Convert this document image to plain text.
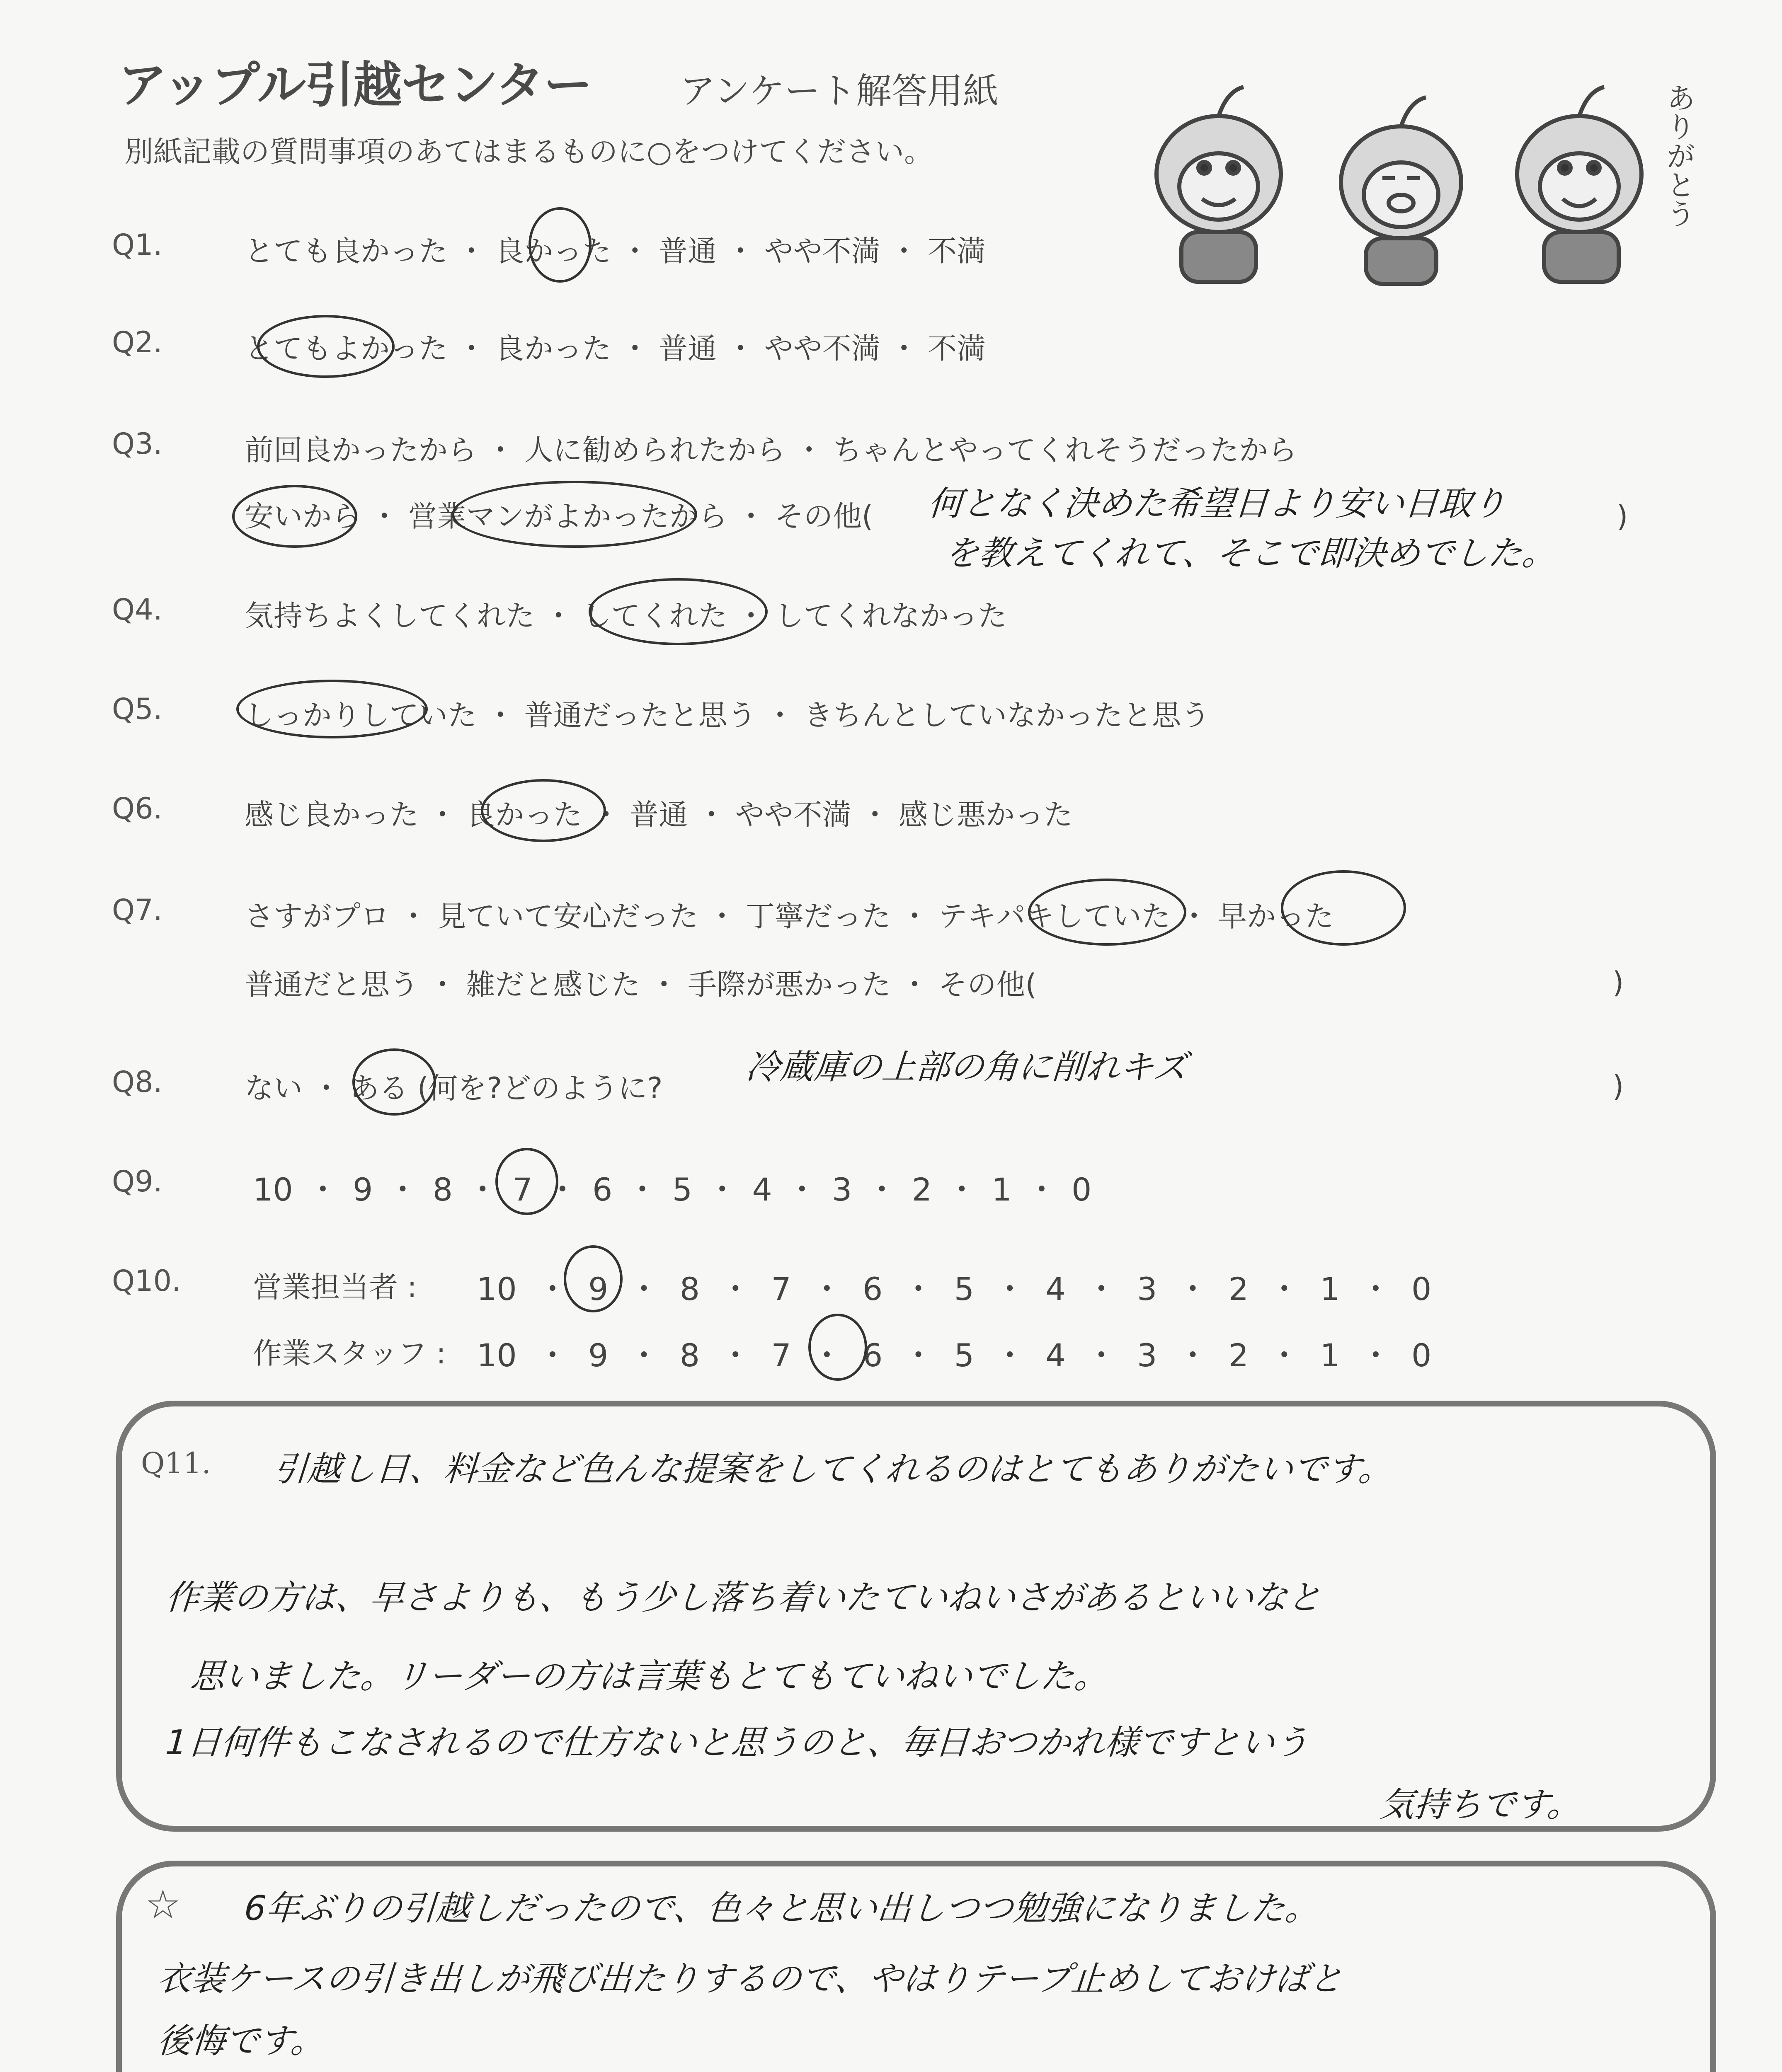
アップル引越センター アンケート解答用紙
別紙記載の質問事項のあてはまるものに○をつけてください。	ありがとう
Q1.	とても良かった ・ 良かった ・ 普通 ・ やや不満 ・ 不満
Q2.	とてもよかった ・ 良かった ・ 普通 ・ やや不満 ・ 不満
Q3.	前回良かったから ・ 人に勧められたから ・ ちゃんとやってくれそうだったから
安いから ・ 営業マンがよかったから ・ その他(	)
何となく決めた希望日より安い日取り
を教えてくれて、そこで即決めでした。
Q4.	気持ちよくしてくれた ・ してくれた ・ してくれなかった
Q5.	しっかりしていた ・ 普通だったと思う ・ きちんとしていなかったと思う
Q6.	感じ良かった ・ 良かった ・ 普通 ・ やや不満 ・ 感じ悪かった
Q7.	さすがプロ ・ 見ていて安心だった ・ 丁寧だった ・ テキパキしていた ・ 早かった
普通だと思う ・ 雑だと感じた ・ 手際が悪かった ・ その他(	)
Q8.	ない ・ ある (何を?どのように?	)
冷蔵庫の上部の角に削れキズ
Q9.	10 ・ 9 ・ 8 ・ 7 ・ 6 ・ 5 ・ 4 ・ 3 ・ 2 ・ 1 ・ 0
Q10. 営業担当者 : 10 ・ 9 ・ 8 ・ 7 ・ 6 ・ 5 ・ 4 ・ 3 ・ 2 ・ 1 ・ 0
作業スタッフ : 10 ・ 9 ・ 8 ・ 7 ・ 6 ・ 5 ・ 4 ・ 3 ・ 2 ・ 1 ・ 0
Q11. 引越し日、料金など色んな提案をしてくれるのはとてもありがたいです。
作業の方は、早さよりも、もう少し落ち着いたていねいさがあるといいなと
思いました。リーダーの方は言葉もとてもていねいでした。
1日何件もこなされるので仕方ないと思うのと、毎日おつかれ様ですという
気持ちです。
☆ 6年ぶりの引越しだったので、色々と思い出しつつ勉強になりました。
衣装ケースの引き出しが飛び出たりするので、やはりテープ止めしておけばと
後悔です。
